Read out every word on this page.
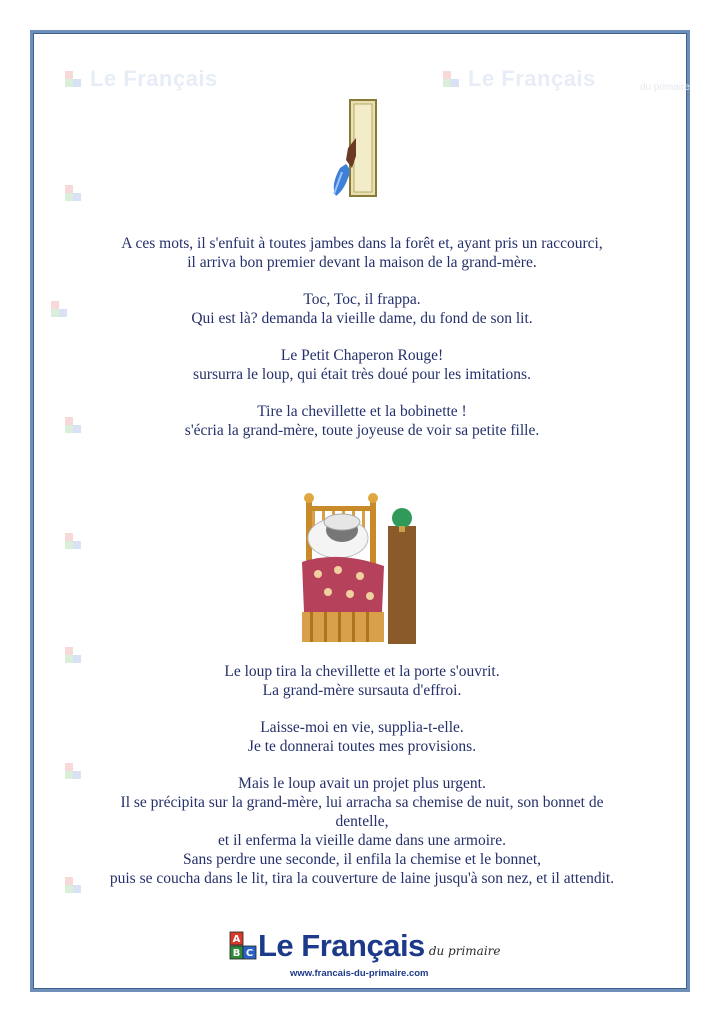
Le Français	Le Français	du primaire

A ces mots, il s'enfuit à toutes jambes dans la forêt et, ayant pris un raccourci,
il arriva bon premier devant la maison de la grand-mère.

Toc, Toc, il frappa.
Qui est là? demanda la vieille dame, du fond de son lit.

Le Petit Chaperon Rouge!
sursurra le loup, qui était très doué pour les imitations.

Tire la chevillette et la bobinette !
s'écria la grand-mère, toute joyeuse de voir sa petite fille.

Le loup tira la chevillette et la porte s'ouvrit.
La grand-mère sursauta d'effroi.

Laisse-moi en vie, supplia-t-elle.
Je te donnerai toutes mes provisions.

Mais le loup avait un projet plus urgent.
Il se précipita sur la grand-mère, lui arracha sa chemise de nuit, son bonnet de
dentelle,
et il enferma la vieille dame dans une armoire.
Sans perdre une seconde, il enfila la chemise et le bonnet,
puis se coucha dans le lit, tira la couverture de laine jusqu'à son nez, et il attendit.

A
B C Le Français du primaire
www.francais-du-primaire.com
